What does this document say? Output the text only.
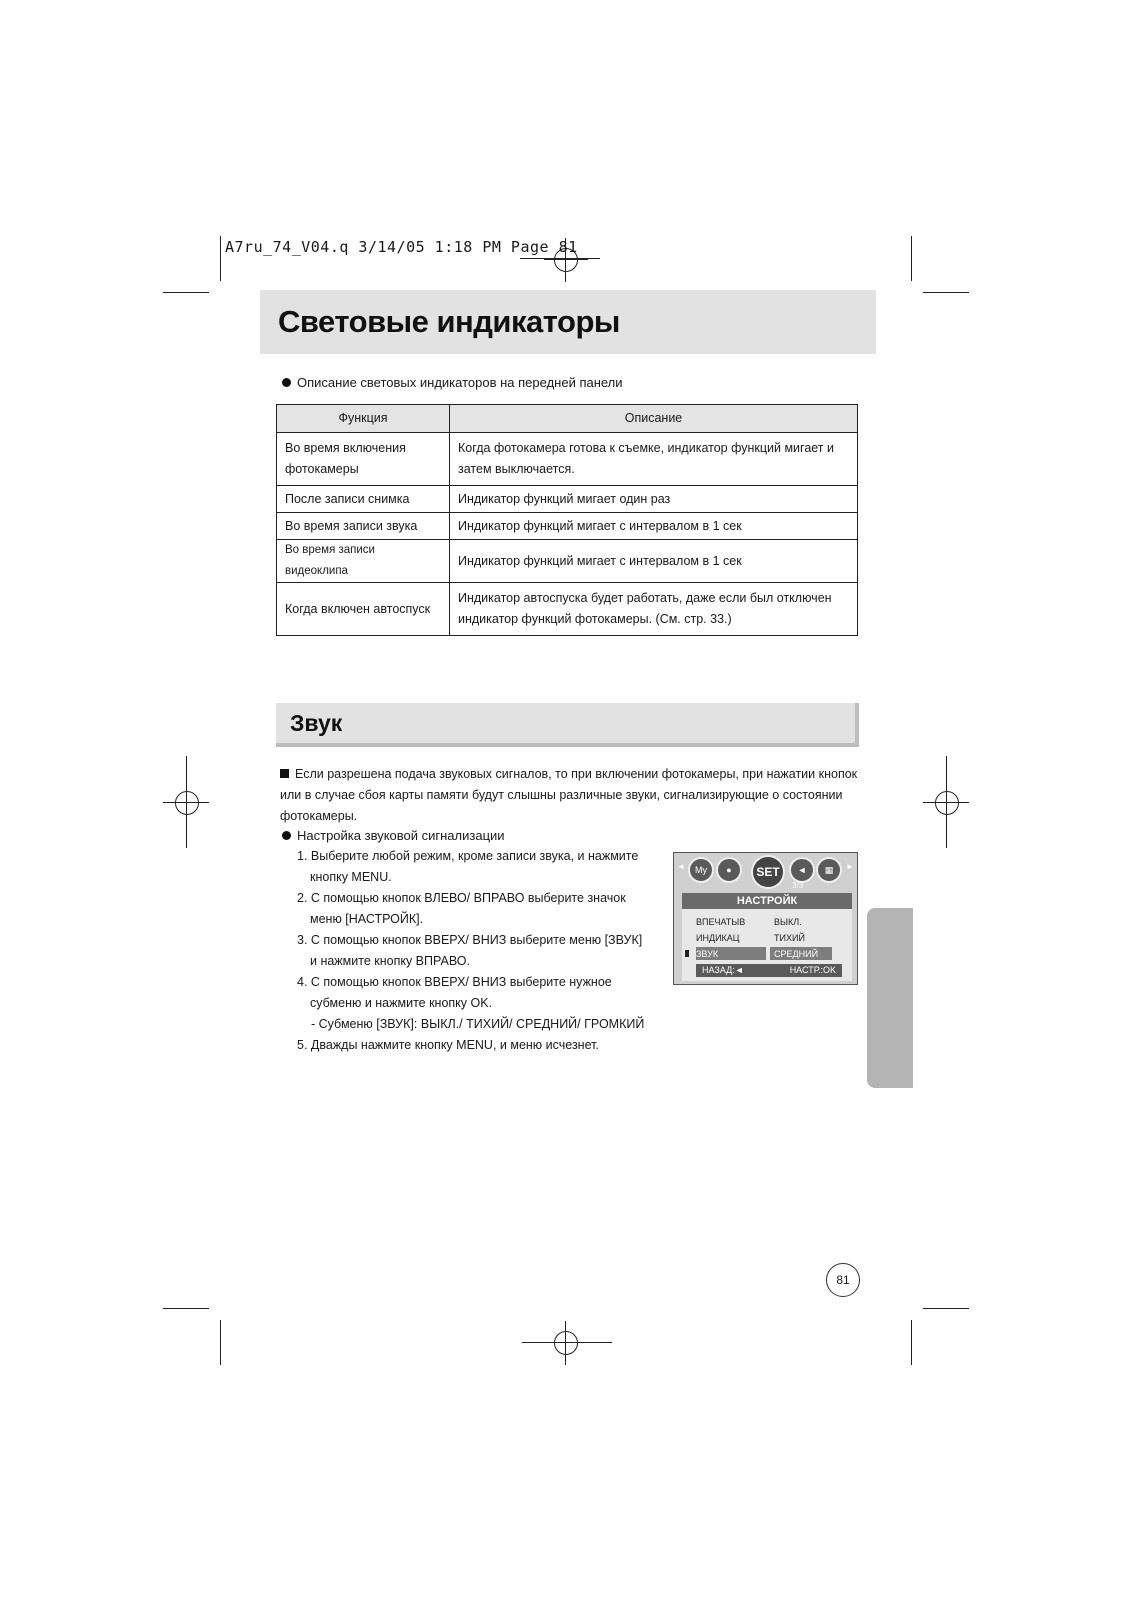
A7ru_74_V04.q 3/14/05 1:18 PM Page 81
Световые индикаторы
Описание световых индикаторов на передней панели
Функция	Описание
Во время включения фотокамеры	Когда фотокамера готова к съемке, индикатор функций мигает и затем выключается.
После записи снимка	Индикатор функций мигает один раз
Во время записи звука	Индикатор функций мигает с интервалом в 1 сек
Во время записи видеоклипа	Индикатор функций мигает с интервалом в 1 сек
Когда включен автоспуск	Индикатор автоспуска будет работать, даже если был отключен индикатор функций фотокамеры. (См. стр. 33.)
Звук
Если разрешена подача звуковых сигналов, то при включении фотокамеры, при нажатии кнопок или в случае сбоя карты памяти будут слышны различные звуки, сигнализирующие о состоянии фотокамеры.
Настройка звуковой сигнализации
1. Выберите любой режим, кроме записи звука, и нажмите кнопку MENU.
2. С помощью кнопок ВЛЕВО/ ВПРАВО выберите значок меню [НАСТРОЙК].
3. С помощью кнопок ВВЕРХ/ ВНИЗ выберите меню [ЗВУК] и нажмите кнопку ВПРАВО.
4. С помощью кнопок ВВЕРХ/ ВНИЗ выберите нужное субменю и нажмите кнопку OK.
- Субменю [ЗВУК]: ВЫКЛ./ ТИХИЙ/ СРЕДНИЙ/ ГРОМКИЙ
5. Дважды нажмите кнопку MENU, и меню исчезнет.
◄	My	●	SET	◄	▦	►
3/3
НАСТРОЙК
ВПЕЧАТЫВ	ВЫКЛ.
ИНДИКАЦ	ТИХИЙ
ЗВУК	СРЕДНИЙ
НАЗАД:◄	НАСТР.:OK
81
